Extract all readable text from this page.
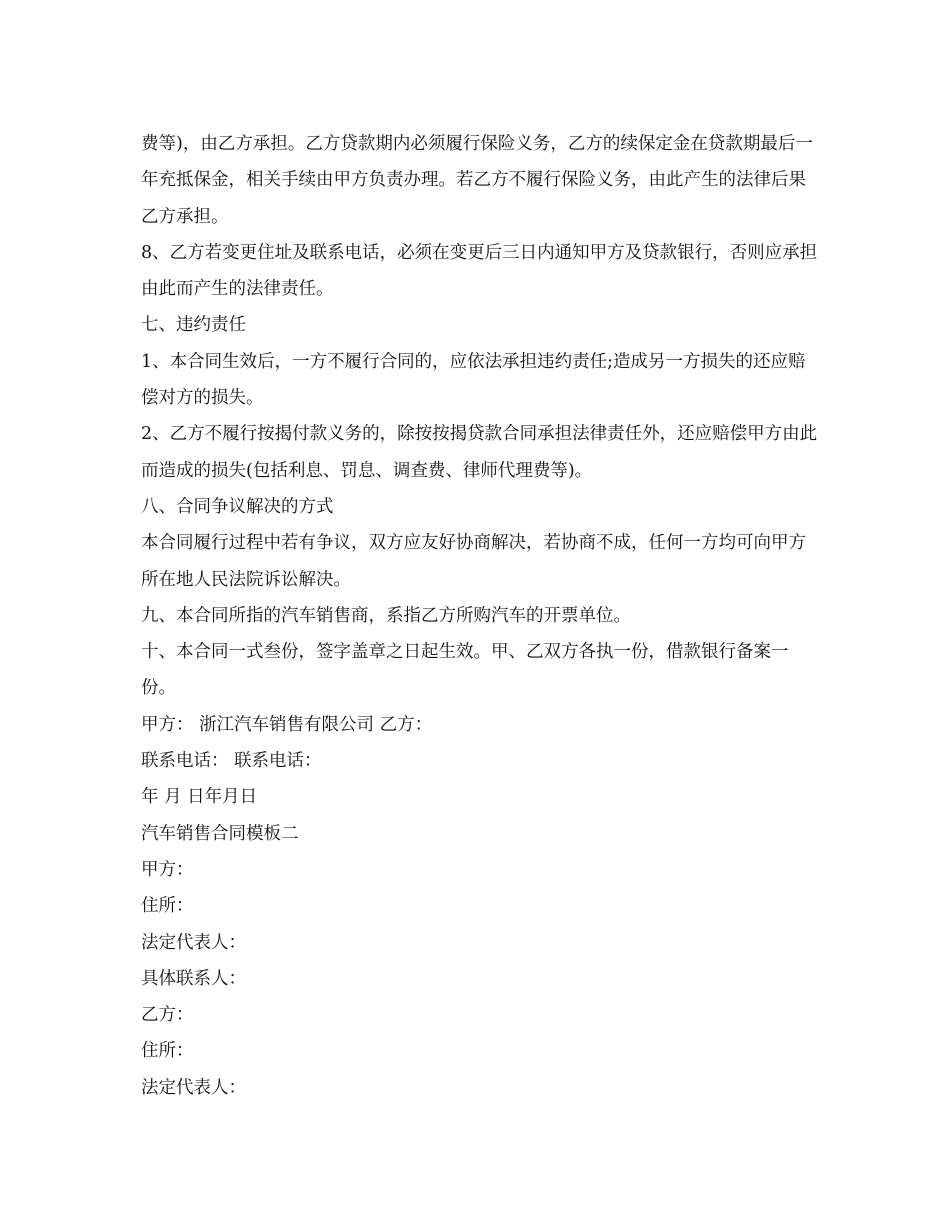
费等)，由乙方承担。乙方贷款期内必须履行保险义务，乙方的续保定金在贷款期最后一年充抵保金，相关手续由甲方负责办理。若乙方不履行保险义务，由此产生的法律后果乙方承担。

8、乙方若变更住址及联系电话，必须在变更后三日内通知甲方及贷款银行，否则应承担由此而产生的法律责任。

七、违约责任

1、本合同生效后，一方不履行合同的，应依法承担违约责任;造成另一方损失的还应赔偿对方的损失。

2、乙方不履行按揭付款义务的，除按按揭贷款合同承担法律责任外，还应赔偿甲方由此而造成的损失(包括利息、罚息、调查费、律师代理费等)。

八、合同争议解决的方式

本合同履行过程中若有争议，双方应友好协商解决，若协商不成，任何一方均可向甲方所在地人民法院诉讼解决。

九、本合同所指的汽车销售商，系指乙方所购汽车的开票单位。

十、本合同一式叁份，签字盖章之日起生效。甲、乙双方各执一份，借款银行备案一份。

甲方： 浙江汽车销售有限公司 乙方：

联系电话： 联系电话：

年 月 日年月日

汽车销售合同模板二

甲方：

住所：

法定代表人：

具体联系人：

乙方：

住所：

法定代表人：
